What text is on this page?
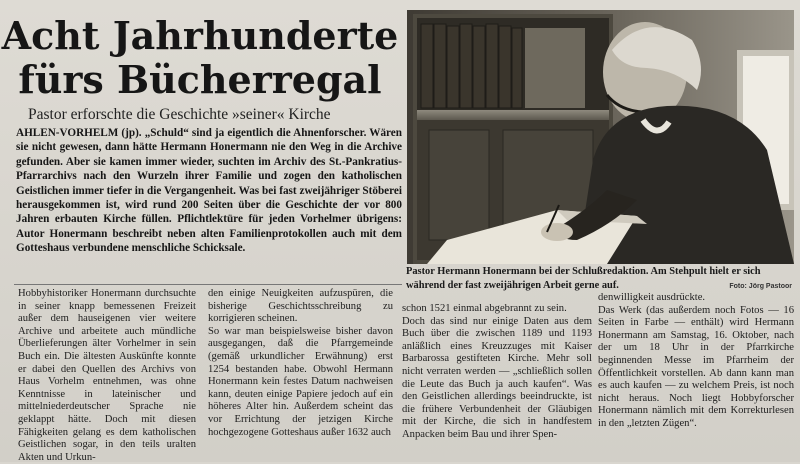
Acht Jahrhunderte
fürs Bücherregal
Pastor erforschte die Geschichte »seiner« Kirche
AHLEN-VORHELM (jp). „Schuld“ sind ja eigentlich die Ahnenforscher. Wären sie nicht gewesen, dann hätte Hermann Honermann nie den Weg in die Archive gefunden. Aber sie kamen immer wieder, suchten im Archiv des St.-Pankratius-Pfarrarchivs nach den Wurzeln ihrer Familie und zogen den katholischen Geistlichen immer tiefer in die Vergangenheit. Was bei fast zweijähriger Stöberei herausgekommen ist, wird rund 200 Seiten über die Geschichte der vor 800 Jahren erbauten Kirche füllen. Pflichtlektüre für jeden Vorhelmer übrigens: Autor Honermann beschreibt neben alten Familienprotokollen auch mit dem Gotteshaus verbundene menschliche Schicksale.
Pastor Hermann Honermann bei der Schlußredaktion. Am Stehpult hielt er sich während der fast zweijährigen Arbeit gerne auf.	Foto: Jörg Pastoor
Hobbyhistoriker Honermann durchsuchte in seiner knapp bemessenen Freizeit außer dem hauseigenen vier weitere Archive und arbeitete auch mündliche Überlieferungen älter Vorhelmer in sein Buch ein. Die ältesten Auskünfte konnte er dabei den Quellen des Archivs von Haus Vorhelm entnehmen, was ohne Kenntnisse in lateinischer und mittelniederdeutscher Sprache nie geklappt hätte. Doch mit diesen Fähigkeiten gelang es dem katholischen Geistlichen sogar, in den teils uralten Akten und Urkun-
den einige Neuigkeiten aufzuspüren, die bisherige Geschichtsschreibung zu korrigieren scheinen.
So war man beispielsweise bisher davon ausgegangen, daß die Pfarrgemeinde (gemäß urkundlicher Erwähnung) erst 1254 bestanden habe. Obwohl Hermann Honermann kein festes Datum nachweisen kann, deuten einige Papiere jedoch auf ein höheres Alter hin. Außerdem scheint das vor Errichtung der jetzigen Kirche hochgezogene Gotteshaus außer 1632 auch
schon 1521 einmal abgebrannt zu sein.
Doch das sind nur einige Daten aus dem Buch über die zwischen 1189 und 1193 anläßlich eines Kreuzzuges mit Kaiser Barbarossa gestifteten Kirche. Mehr soll nicht verraten werden — „schließlich sollen die Leute das Buch ja auch kaufen“. Was den Geistlichen allerdings beeindruckte, ist die frühere Verbundenheit der Gläubigen mit der Kirche, die sich in handfestem Anpacken beim Bau und ihrer Spen-
denwilligkeit ausdrückte.
Das Werk (das außerdem noch Fotos — 16 Seiten in Farbe — enthält) wird Hermann Honermann am Samstag, 16. Oktober, nach der um 18 Uhr in der Pfarrkirche beginnenden Messe im Pfarrheim der Öffentlichkeit vorstellen. Ab dann kann man es auch kaufen — zu welchem Preis, ist noch nicht heraus. Noch liegt Hobbyforscher Honermann nämlich mit dem Korrekturlesen in den „letzten Zügen“.
